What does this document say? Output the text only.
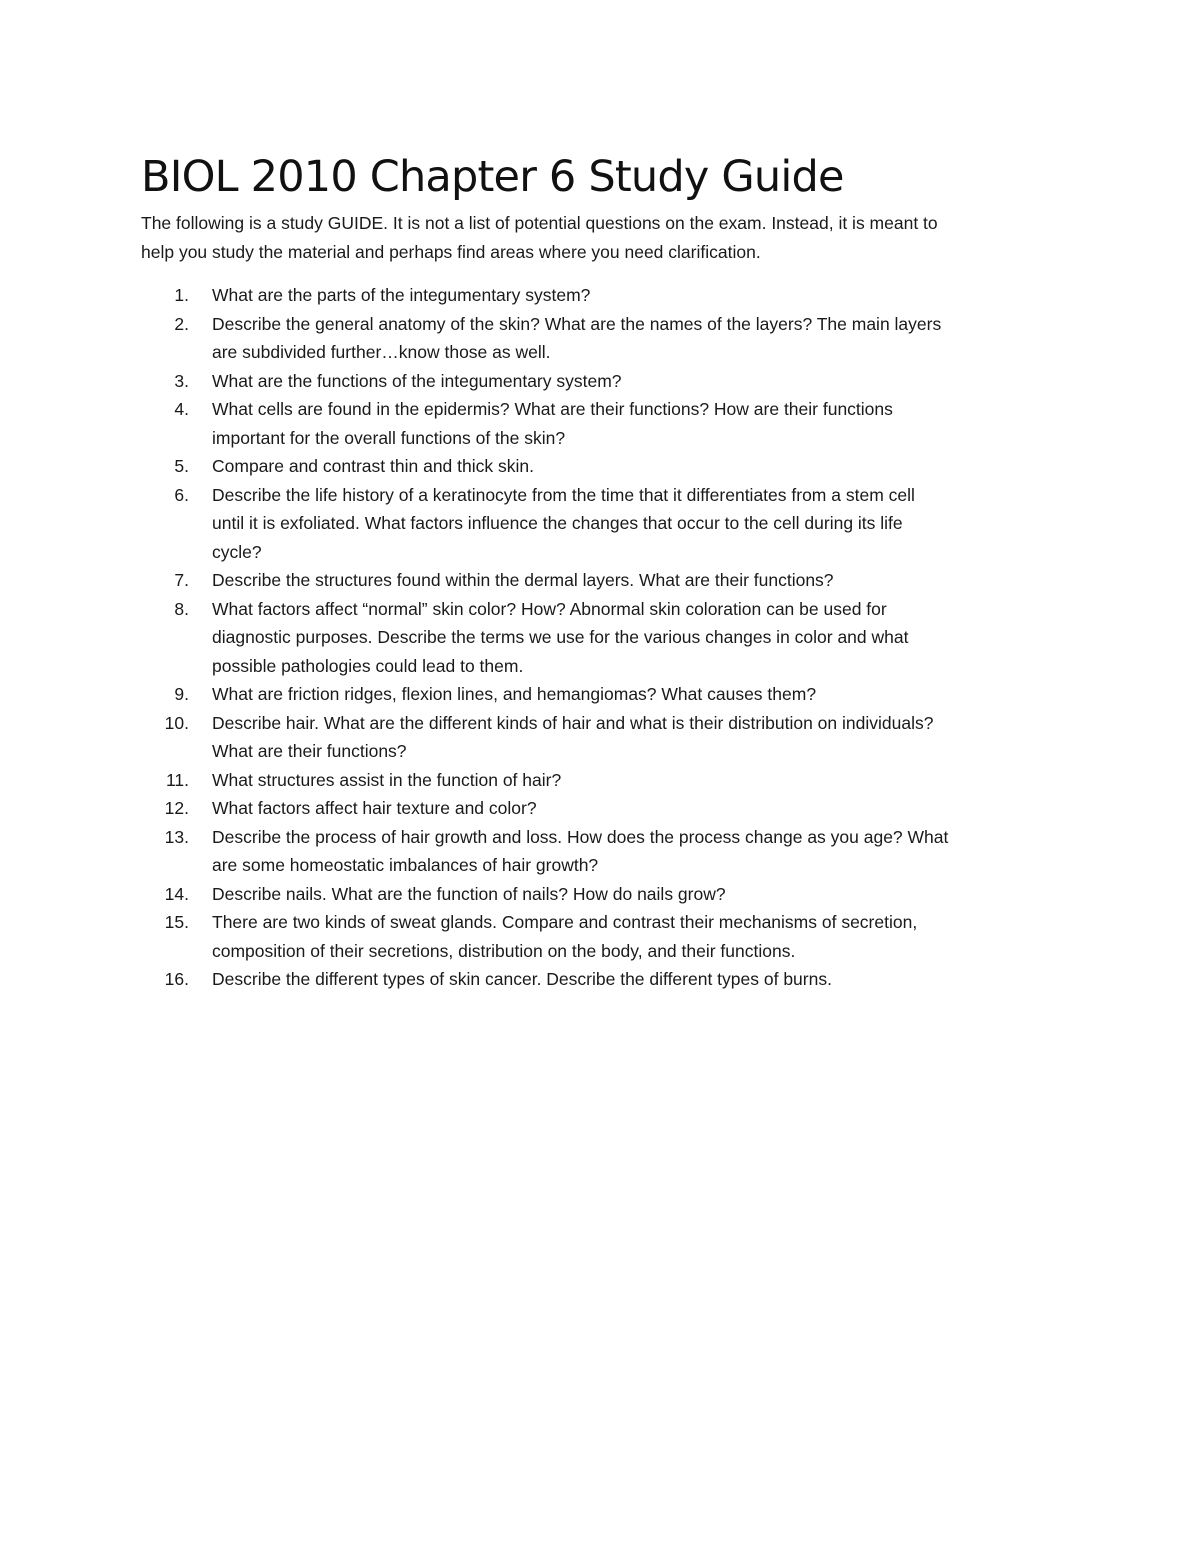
BIOL 2010 Chapter 6 Study Guide

The following is a study GUIDE. It is not a list of potential questions on the exam. Instead, it is meant to
help you study the material and perhaps find areas where you need clarification.

1. What are the parts of the integumentary system?
2. Describe the general anatomy of the skin? What are the names of the layers? The main layers
are subdivided further…know those as well.
3. What are the functions of the integumentary system?
4. What cells are found in the epidermis? What are their functions? How are their functions
important for the overall functions of the skin?
5. Compare and contrast thin and thick skin.
6. Describe the life history of a keratinocyte from the time that it differentiates from a stem cell
until it is exfoliated. What factors influence the changes that occur to the cell during its life
cycle?
7. Describe the structures found within the dermal layers. What are their functions?
8. What factors affect “normal” skin color? How? Abnormal skin coloration can be used for
diagnostic purposes. Describe the terms we use for the various changes in color and what
possible pathologies could lead to them.
9. What are friction ridges, flexion lines, and hemangiomas? What causes them?
10. Describe hair. What are the different kinds of hair and what is their distribution on individuals?
What are their functions?
11. What structures assist in the function of hair?
12. What factors affect hair texture and color?
13. Describe the process of hair growth and loss. How does the process change as you age? What
are some homeostatic imbalances of hair growth?
14. Describe nails. What are the function of nails? How do nails grow?
15. There are two kinds of sweat glands. Compare and contrast their mechanisms of secretion,
composition of their secretions, distribution on the body, and their functions.
16. Describe the different types of skin cancer. Describe the different types of burns.
